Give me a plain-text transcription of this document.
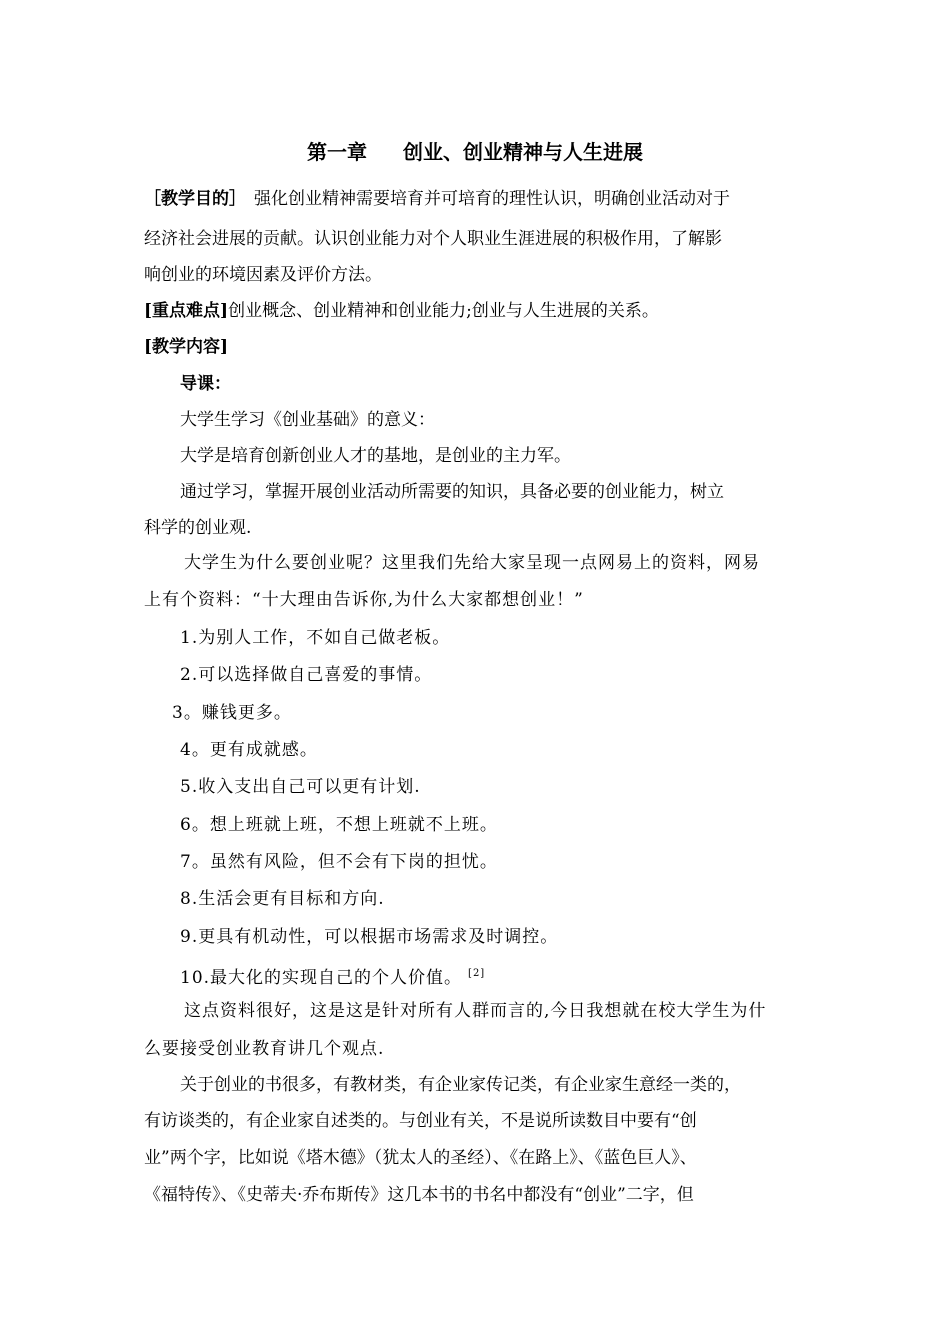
第一章 创业、创业精神与人生进展
［教学目的］ 强化创业精神需要培育并可培育的理性认识，明确创业活动对于
经济社会进展的贡献。认识创业能力对个人职业生涯进展的积极作用，了解影
响创业的环境因素及评价方法。
[重点难点]创业概念、创业精神和创业能力;创业与人生进展的关系。
[教学内容]
导课：
大学生学习《创业基础》的意义：
大学是培育创新创业人才的基地，是创业的主力军。
通过学习，掌握开展创业活动所需要的知识，具备必要的创业能力，树立
科学的创业观.
大学生为什么要创业呢？这里我们先给大家呈现一点网易上的资料，网易
上有个资料：“十大理由告诉你,为什么大家都想创业！”
1.为别人工作，不如自己做老板。
2.可以选择做自己喜爱的事情。
3。赚钱更多。
4。更有成就感。
5.收入支出自己可以更有计划.
6。想上班就上班，不想上班就不上班。
7。虽然有风险，但不会有下岗的担忧。
8.生活会更有目标和方向.
9.更具有机动性，可以根据市场需求及时调控。
10.最大化的实现自己的个人价值。 [2]
这点资料很好，这是这是针对所有人群而言的,今日我想就在校大学生为什
么要接受创业教育讲几个观点.
关于创业的书很多，有教材类，有企业家传记类，有企业家生意经一类的，
有访谈类的，有企业家自述类的。与创业有关，不是说所读数目中要有“创
业”两个字，比如说《塔木德》（犹太人的圣经）、《在路上》、《蓝色巨人》、
《福特传》、《史蒂夫·乔布斯传》这几本书的书名中都没有“创业”二字，但
